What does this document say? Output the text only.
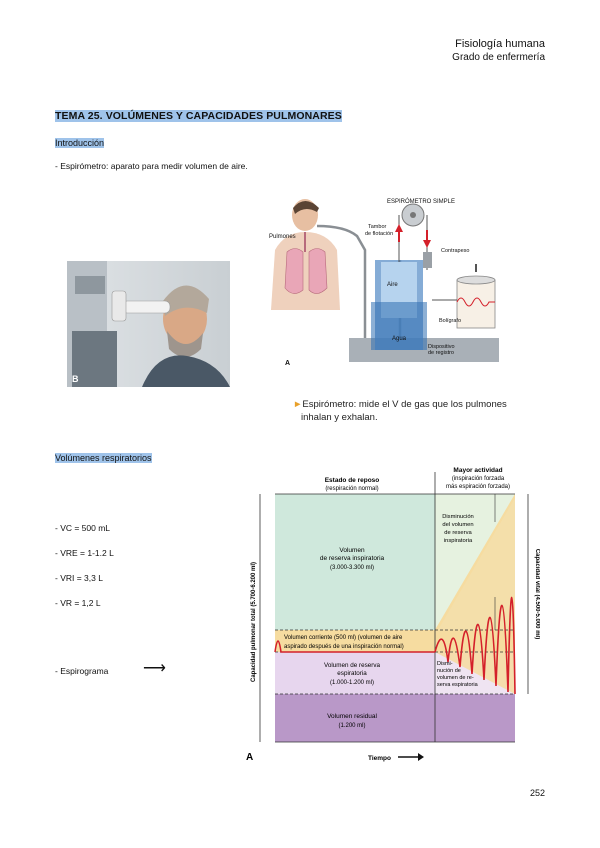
Fisiología humana
Grado de enfermería
TEMA 25. VOLÚMENES Y CAPACIDADES PULMONARES
Introducción
- Espirómetro: aparato para medir volumen de aire.
B
Pulmones
Tambor
de flotación
ESPIRÓMETRO SIMPLE
Contrapeso
Aire
Agua
Bolígrafo
Dispositivo
de registro
A
►Espirómetro: mide el V de gas que los pulmones
inhalan y exhalan.
Volúmenes respiratorios
- VC = 500 mL
- VRE = 1-1.2 L
- VRI = 3,3 L
- VR = 1,2 L
- Espirograma ⟶
Estado de reposo
(respiración normal)
Mayor actividad
(inspiración forzada
más espiración forzada)
Volumen
de reserva inspiratoria
(3.000-3.300 ml)
Disminución
del volumen
de reserva
inspiratoria
Volumen corriente (500 ml) (volumen de aire
aspirado después de una inspiración normal)
Volumen de reserva
espiratoria
(1.000-1.200 ml)
Dismi-
nución de
volumen de re-
serva espiratoria
Volumen residual
(1.200 ml)
Capacidad pulmonar total (5.700-6.200 ml)	Capacidad vital (4.500-5.000 ml)
A	Tiempo
252
